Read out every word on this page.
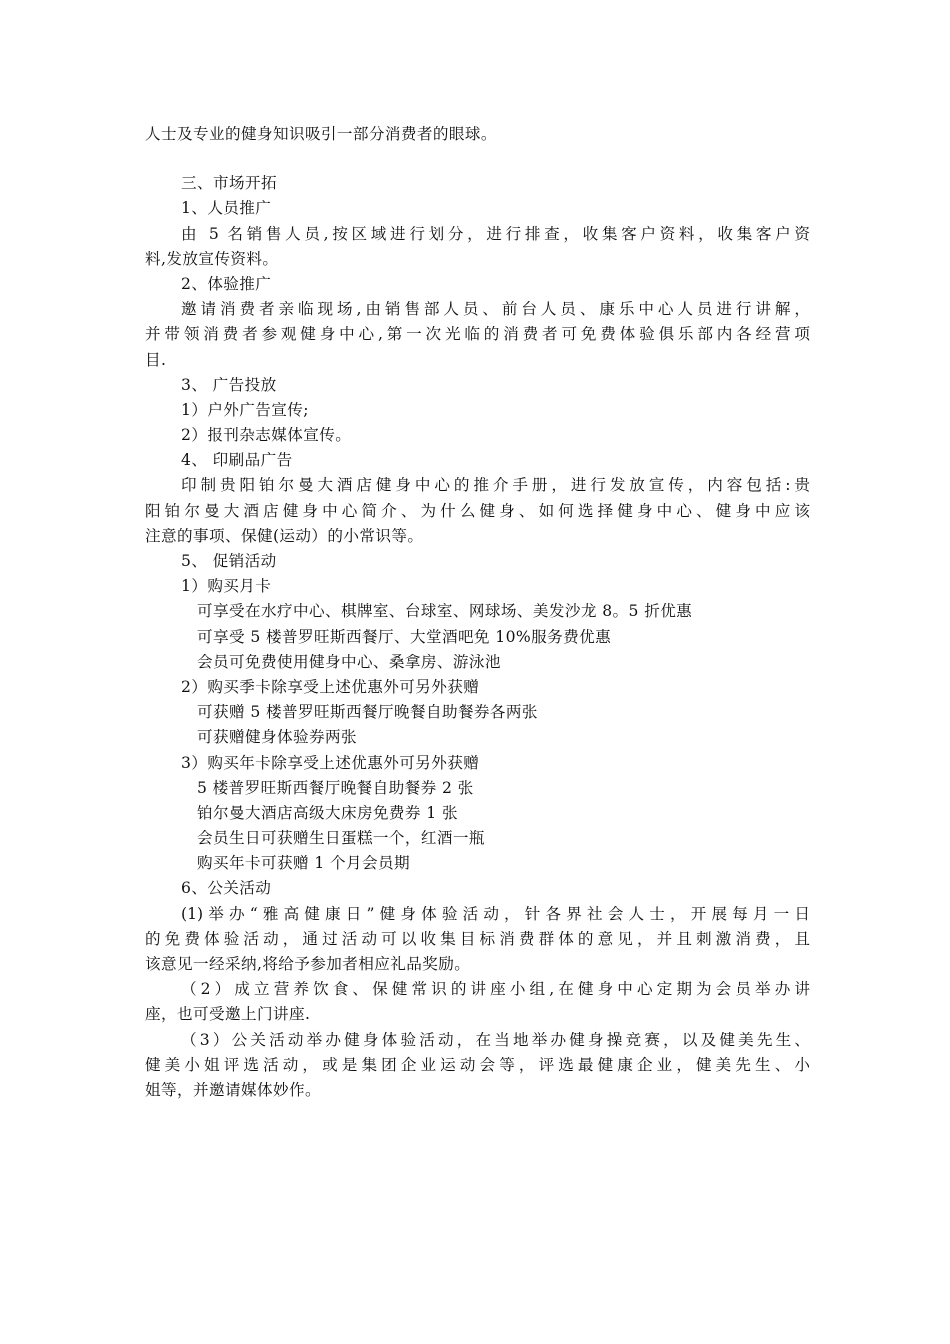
人士及专业的健身知识吸引一部分消费者的眼球。
三、市场开拓
1、人员推广
由 5 名销售人员,按区域进行划分，进行排查，收集客户资料，收集客户资
料,发放宣传资料。
2、体验推广
邀请消费者亲临现场,由销售部人员、前台人员、康乐中心人员进行讲解，
并带领消费者参观健身中心,第一次光临的消费者可免费体验俱乐部内各经营项
目.
3、 广告投放
1）户外广告宣传;
2）报刊杂志媒体宣传。
4、 印刷品广告
印制贵阳铂尔曼大酒店健身中心的推介手册，进行发放宣传，内容包括:贵
阳铂尔曼大酒店健身中心简介、为什么健身、如何选择健身中心、健身中应该
注意的事项、保健(运动）的小常识等。
5、 促销活动
1）购买月卡
可享受在水疗中心、棋牌室、台球室、网球场、美发沙龙 8。5 折优惠
可享受 5 楼普罗旺斯西餐厅、大堂酒吧免 10%服务费优惠
会员可免费使用健身中心、桑拿房、游泳池
2）购买季卡除享受上述优惠外可另外获赠
可获赠 5 楼普罗旺斯西餐厅晚餐自助餐券各两张
可获赠健身体验券两张
3）购买年卡除享受上述优惠外可另外获赠
5 楼普罗旺斯西餐厅晚餐自助餐券 2 张
铂尔曼大酒店高级大床房免费券 1 张
会员生日可获赠生日蛋糕一个，红酒一瓶
购买年卡可获赠 1 个月会员期
6、公关活动
(1)举办“雅高健康日”健身体验活动，针各界社会人士，开展每月一日
的免费体验活动，通过活动可以收集目标消费群体的意见，并且刺激消费，且
该意见一经采纳,将给予参加者相应礼品奖励。
（2）成立营养饮食、保健常识的讲座小组,在健身中心定期为会员举办讲
座，也可受邀上门讲座.
（3）公关活动举办健身体验活动，在当地举办健身操竞赛，以及健美先生、
健美小姐评选活动，或是集团企业运动会等，评选最健康企业，健美先生、小
姐等，并邀请媒体妙作。
